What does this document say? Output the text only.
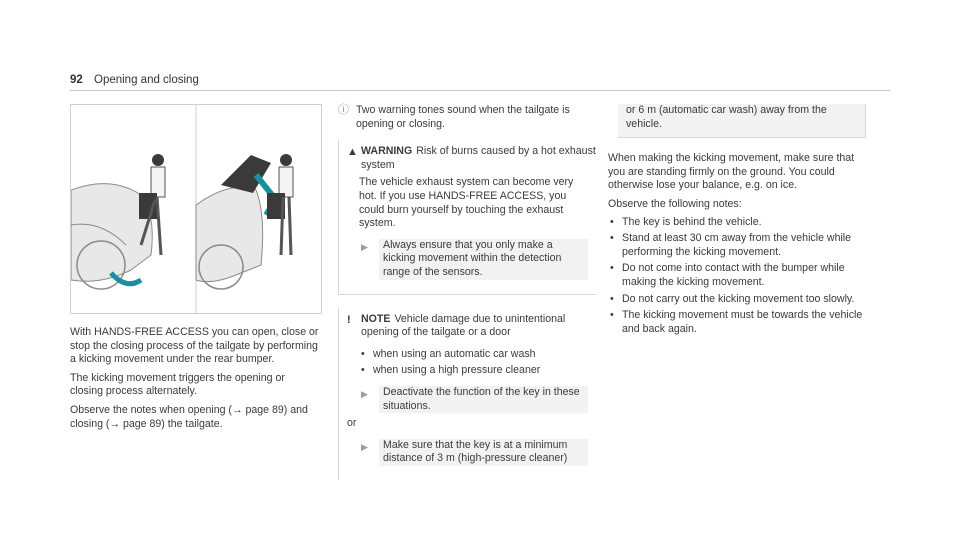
92 Opening and closing

With HANDS-FREE ACCESS you can open, close or stop the closing process of the tailgate by performing a kicking movement under the rear bumper.

The kicking movement triggers the opening or closing process alternately.

Observe the notes when opening (→ page 89) and closing (→ page 89) the tailgate.

ⓘ Two warning tones sound when the tailgate is opening or closing.
▲ WARNING Risk of burns caused by a hot exhaust system

The vehicle exhaust system can become very hot. If you use HANDS-FREE ACCESS, you could burn yourself by touching the exhaust system.

▶	Always ensure that you only make a kicking movement within the detection range of the sensors.
! NOTE Vehicle damage due to unintentional opening of the tailgate or a door
• when using an automatic car wash
• when using a high pressure cleaner
▶	Deactivate the function of the key in these situations.

or

▶	Make sure that the key is at a minimum distance of 3 m (high-pressure cleaner)
or 6 m (automatic car wash) away from the vehicle.

When making the kicking movement, make sure that you are standing firmly on the ground. You could otherwise lose your balance, e.g. on ice.

Observe the following notes:

• The key is behind the vehicle.
• Stand at least 30 cm away from the vehicle while performing the kicking movement.
• Do not come into contact with the bumper while making the kicking movement.
• Do not carry out the kicking movement too slowly.
• The kicking movement must be towards the vehicle and back again.
